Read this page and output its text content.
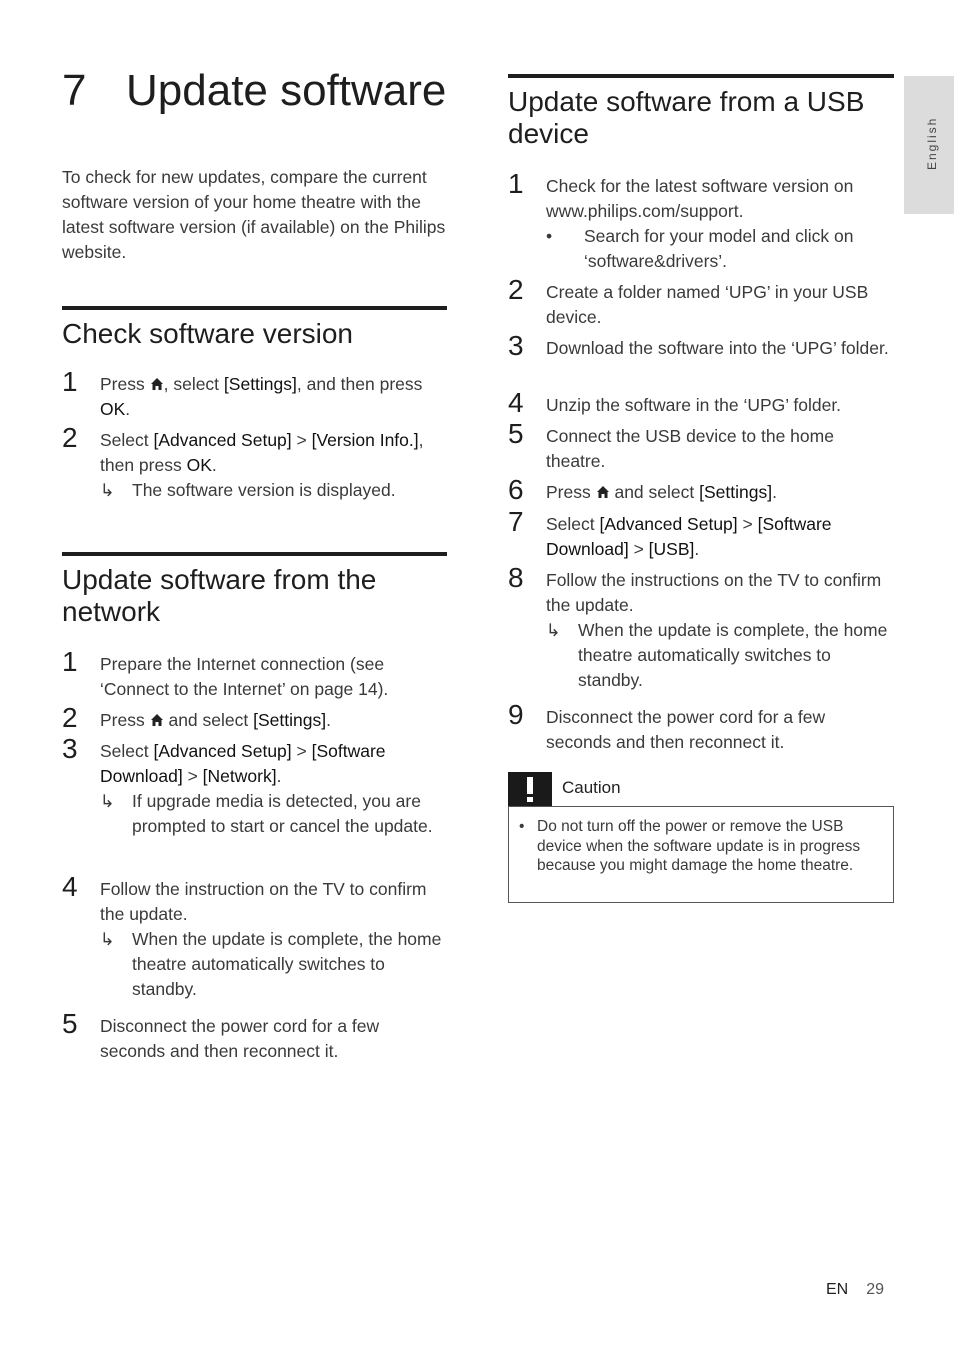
7 Update software

To check for new updates, compare the current software version of your home theatre with the latest software version (if available) on the Philips website.

Check software version
1 Press , select [Settings], and then press OK.
2 Select [Advanced Setup] > [Version Info.], then press OK.
↳ The software version is displayed.
Update software from the network
1 Prepare the Internet connection (see ‘Connect to the Internet’ on page 14).
2 Press  and select [Settings].
3 Select [Advanced Setup] > [Software Download] > [Network].
↳ If upgrade media is detected, you are prompted to start or cancel the update.
4 Follow the instruction on the TV to confirm the update.
↳ When the update is complete, the home theatre automatically switches to standby.
5 Disconnect the power cord for a few seconds and then reconnect it.
Update software from a USB device
1 Check for the latest software version on www.philips.com/support.
• Search for your model and click on ‘software&drivers’.
2 Create a folder named ‘UPG’ in your USB device.
3 Download the software into the ‘UPG’ folder.
4 Unzip the software in the ‘UPG’ folder.
5 Connect the USB device to the home theatre.
6 Press  and select [Settings].
7 Select [Advanced Setup] > [Software Download] > [USB].
8 Follow the instructions on the TV to confirm the update.
↳ When the update is complete, the home theatre automatically switches to standby.
9 Disconnect the power cord for a few seconds and then reconnect it.
Caution
• Do not turn off the power or remove the USB device when the software update is in progress because you might damage the home theatre.
English
EN 29
